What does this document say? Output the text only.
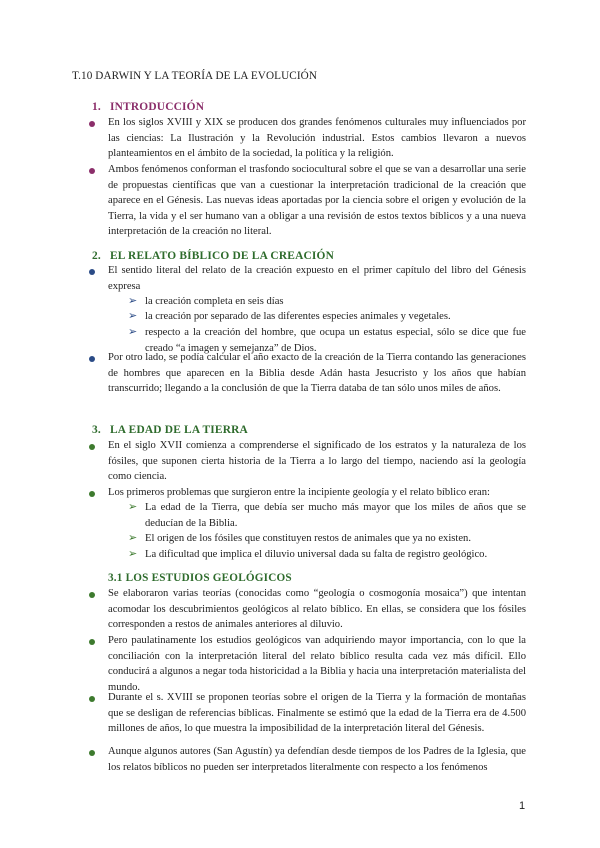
T.10 DARWIN Y LA TEORÍA DE LA EVOLUCIÓN
1. INTRODUCCIÓN
En los siglos XVIII y XIX se producen dos grandes fenómenos culturales muy influenciados por las ciencias: La Ilustración y la Revolución industrial. Estos cambios llevaron a nuevos planteamientos en el ámbito de la sociedad, la política y la religión.
Ambos fenómenos conforman el trasfondo sociocultural sobre el que se van a desarrollar una serie de propuestas científicas que van a cuestionar la interpretación tradicional de la creación que aparece en el Génesis. Las nuevas ideas aportadas por la ciencia sobre el origen y evolución de la Tierra, la vida y el ser humano van a obligar a una revisión de estos textos bíblicos y a una nueva interpretación de la creación no literal.
2. EL RELATO BÍBLICO DE LA CREACIÓN
El sentido literal del relato de la creación expuesto en el primer capítulo del libro del Génesis expresa
➢ la creación completa en seis días
➢ la creación por separado de las diferentes especies animales y vegetales.
➢ respecto a la creación del hombre, que ocupa un estatus especial, sólo se dice que fue creado “a imagen y semejanza” de Dios.
Por otro lado, se podía calcular el año exacto de la creación de la Tierra contando las generaciones de hombres que aparecen en la Biblia desde Adán hasta Jesucristo y los años que habían transcurrido; llegando a la conclusión de que la Tierra databa de tan sólo unos miles de años.
3. LA EDAD DE LA TIERRA
En el siglo XVII comienza a comprenderse el significado de los estratos y la naturaleza de los fósiles, que suponen cierta historia de la Tierra a lo largo del tiempo, naciendo así la geología como ciencia.
Los primeros problemas que surgieron entre la incipiente geología y el relato bíblico eran:
➢ La edad de la Tierra, que debía ser mucho más mayor que los miles de años que se deducían de la Biblia.
➢ El origen de los fósiles que constituyen restos de animales que ya no existen.
➢ La dificultad que implica el diluvio universal dada su falta de registro geológico.
3.1 LOS ESTUDIOS GEOLÓGICOS
Se elaboraron varias teorías (conocidas como “geología o cosmogonía mosaica”) que intentan acomodar los descubrimientos geológicos al relato bíblico. En ellas, se considera que los fósiles corresponden a restos de animales anteriores al diluvio.
Pero paulatinamente los estudios geológicos van adquiriendo mayor importancia, con lo que la conciliación con la interpretación literal del relato bíblico resulta cada vez más difícil. Ello conducirá a algunos a negar toda historicidad a la Biblia y hacia una interpretación materialista del mundo.
Durante el s. XVIII se proponen teorías sobre el origen de la Tierra y la formación de montañas que se desligan de referencias bíblicas. Finalmente se estimó que la edad de la Tierra era de 4.500 millones de años, lo que muestra la imposibilidad de la interpretación literal del Génesis.
Aunque algunos autores (San Agustín) ya defendían desde tiempos de los Padres de la Iglesia, que los relatos bíblicos no pueden ser interpretados literalmente con respecto a los fenómenos
1
